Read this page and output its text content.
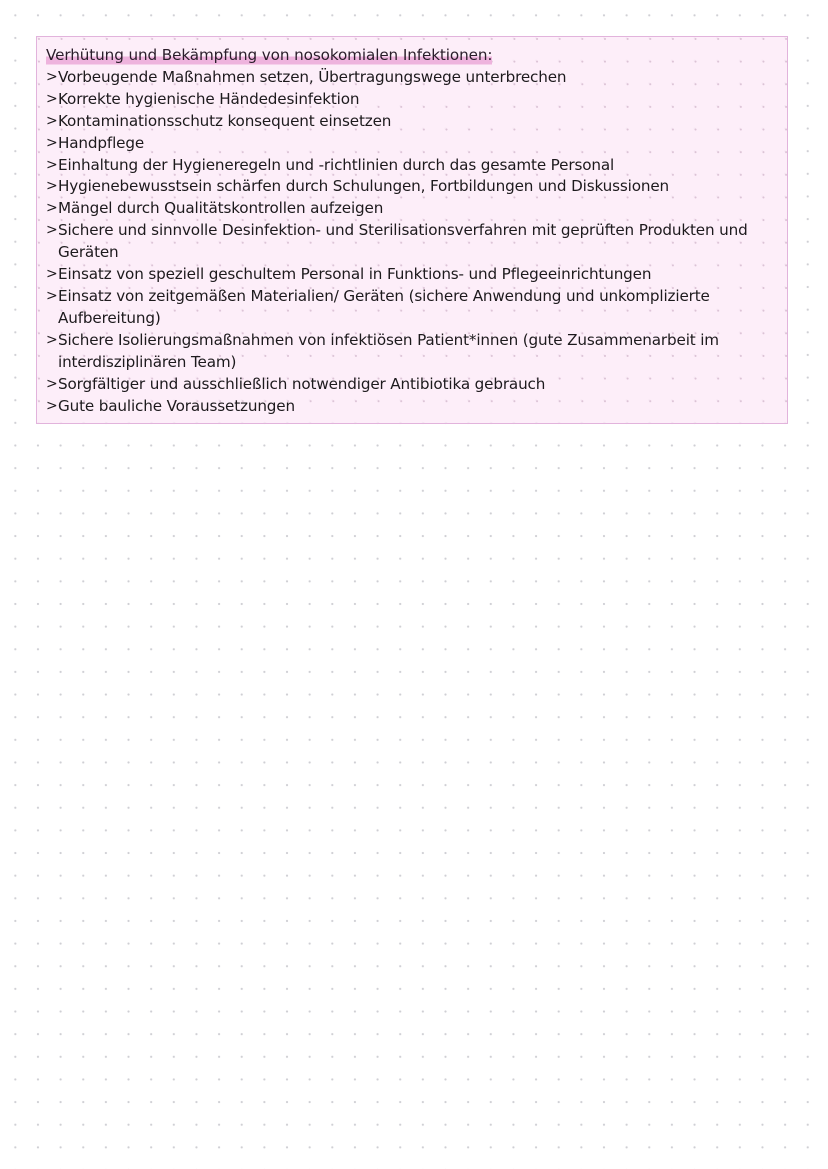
Verhütung und Bekämpfung von nosokomialen Infektionen:
> Vorbeugende Maßnahmen setzen, Übertragungswege unterbrechen
> Korrekte hygienische Händedesinfektion
> Kontaminationsschutz konsequent einsetzen
> Handpflege
> Einhaltung der Hygieneregeln und -richtlinien durch das gesamte Personal
> Hygienebewusstsein schärfen durch Schulungen, Fortbildungen und Diskussionen
> Mängel durch Qualitätskontrollen aufzeigen
> Sichere und sinnvolle Desinfektion- und Sterilisationsverfahren mit geprüften Produkten und Geräten
> Einsatz von speziell geschultem Personal in Funktions- und Pflegeeinrichtungen
> Einsatz von zeitgemäßen Materialien/ Geräten (sichere Anwendung und unkomplizierte Aufbereitung)
> Sichere Isolierungsmaßnahmen von infektiösen Patient*innen (gute Zusammenarbeit im interdisziplinären Team)
> Sorgfältiger und ausschließlich notwendiger Antibiotika gebrauch
> Gute bauliche Voraussetzungen
